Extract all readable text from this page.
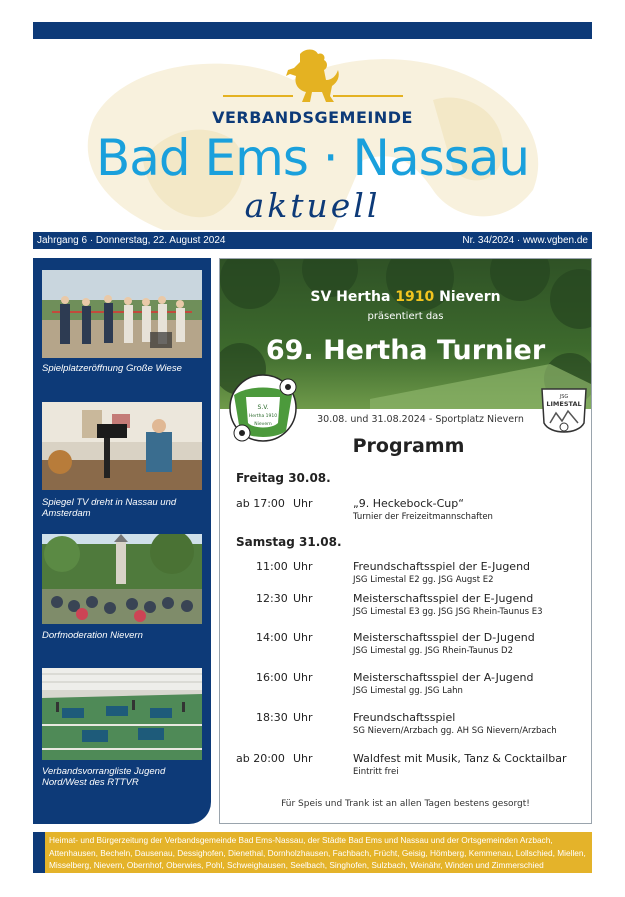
VERBANDSGEMEINDE
Bad Ems · Nassau
aktuell
Jahrgang 6 · Donnerstag, 22. August 2024	Nr. 34/2024 · www.vgben.de
Spielplatzeröffnung Große Wiese
Spiegel TV dreht in Nassau und Amsterdam
Dorfmoderation Nievern
Verbandsvorrangliste Jugend Nord/West des RTTVR
SV Hertha 1910 Nievern
präsentiert das
69. Hertha Turnier
S.V.
Hertha 1910
Nievern
JSG
LIMESTAL
30.08. und 31.08.2024 - Sportplatz Nievern
Programm
Freitag 30.08.
ab 17:00 Uhr	„9. Heckebock-Cup“
Turnier der Freizeitmannschaften
Samstag 31.08.
11:00 Uhr	Freundschaftsspiel der E-Jugend
JSG Limestal E2 gg. JSG Augst E2
12:30 Uhr	Meisterschaftsspiel der E-Jugend
JSG Limestal E3 gg. JSG JSG Rhein-Taunus E3
14:00 Uhr	Meisterschaftsspiel der D-Jugend
JSG Limestal gg. JSG Rhein-Taunus D2
16:00 Uhr	Meisterschaftsspiel der A-Jugend
JSG Limestal gg. JSG Lahn
18:30 Uhr	Freundschaftsspiel
SG Nievern/Arzbach gg. AH SG Nievern/Arzbach
ab 20:00 Uhr	Waldfest mit Musik, Tanz & Cocktailbar
Eintritt frei
Für Speis und Trank ist an allen Tagen bestens gesorgt!
Bad Ems Heimat- und Bürgerzeitung der Verbandsgemeinde Bad Ems-Nassau, der Städte Bad Ems und Nassau und der Ortsgemeinden Arzbach, Attenhausen, Becheln, Dausenau, Dessighofen, Dienethal, Dornholzhausen, Fachbach, Frücht, Geisig, Hömberg, Kemmenau, Lollschied, Miellen, Misselberg, Nievern, Obernhof, Oberwies, Pohl, Schweighausen, Seelbach, Singhofen, Sulzbach, Weinähr, Winden und Zimmerschied
